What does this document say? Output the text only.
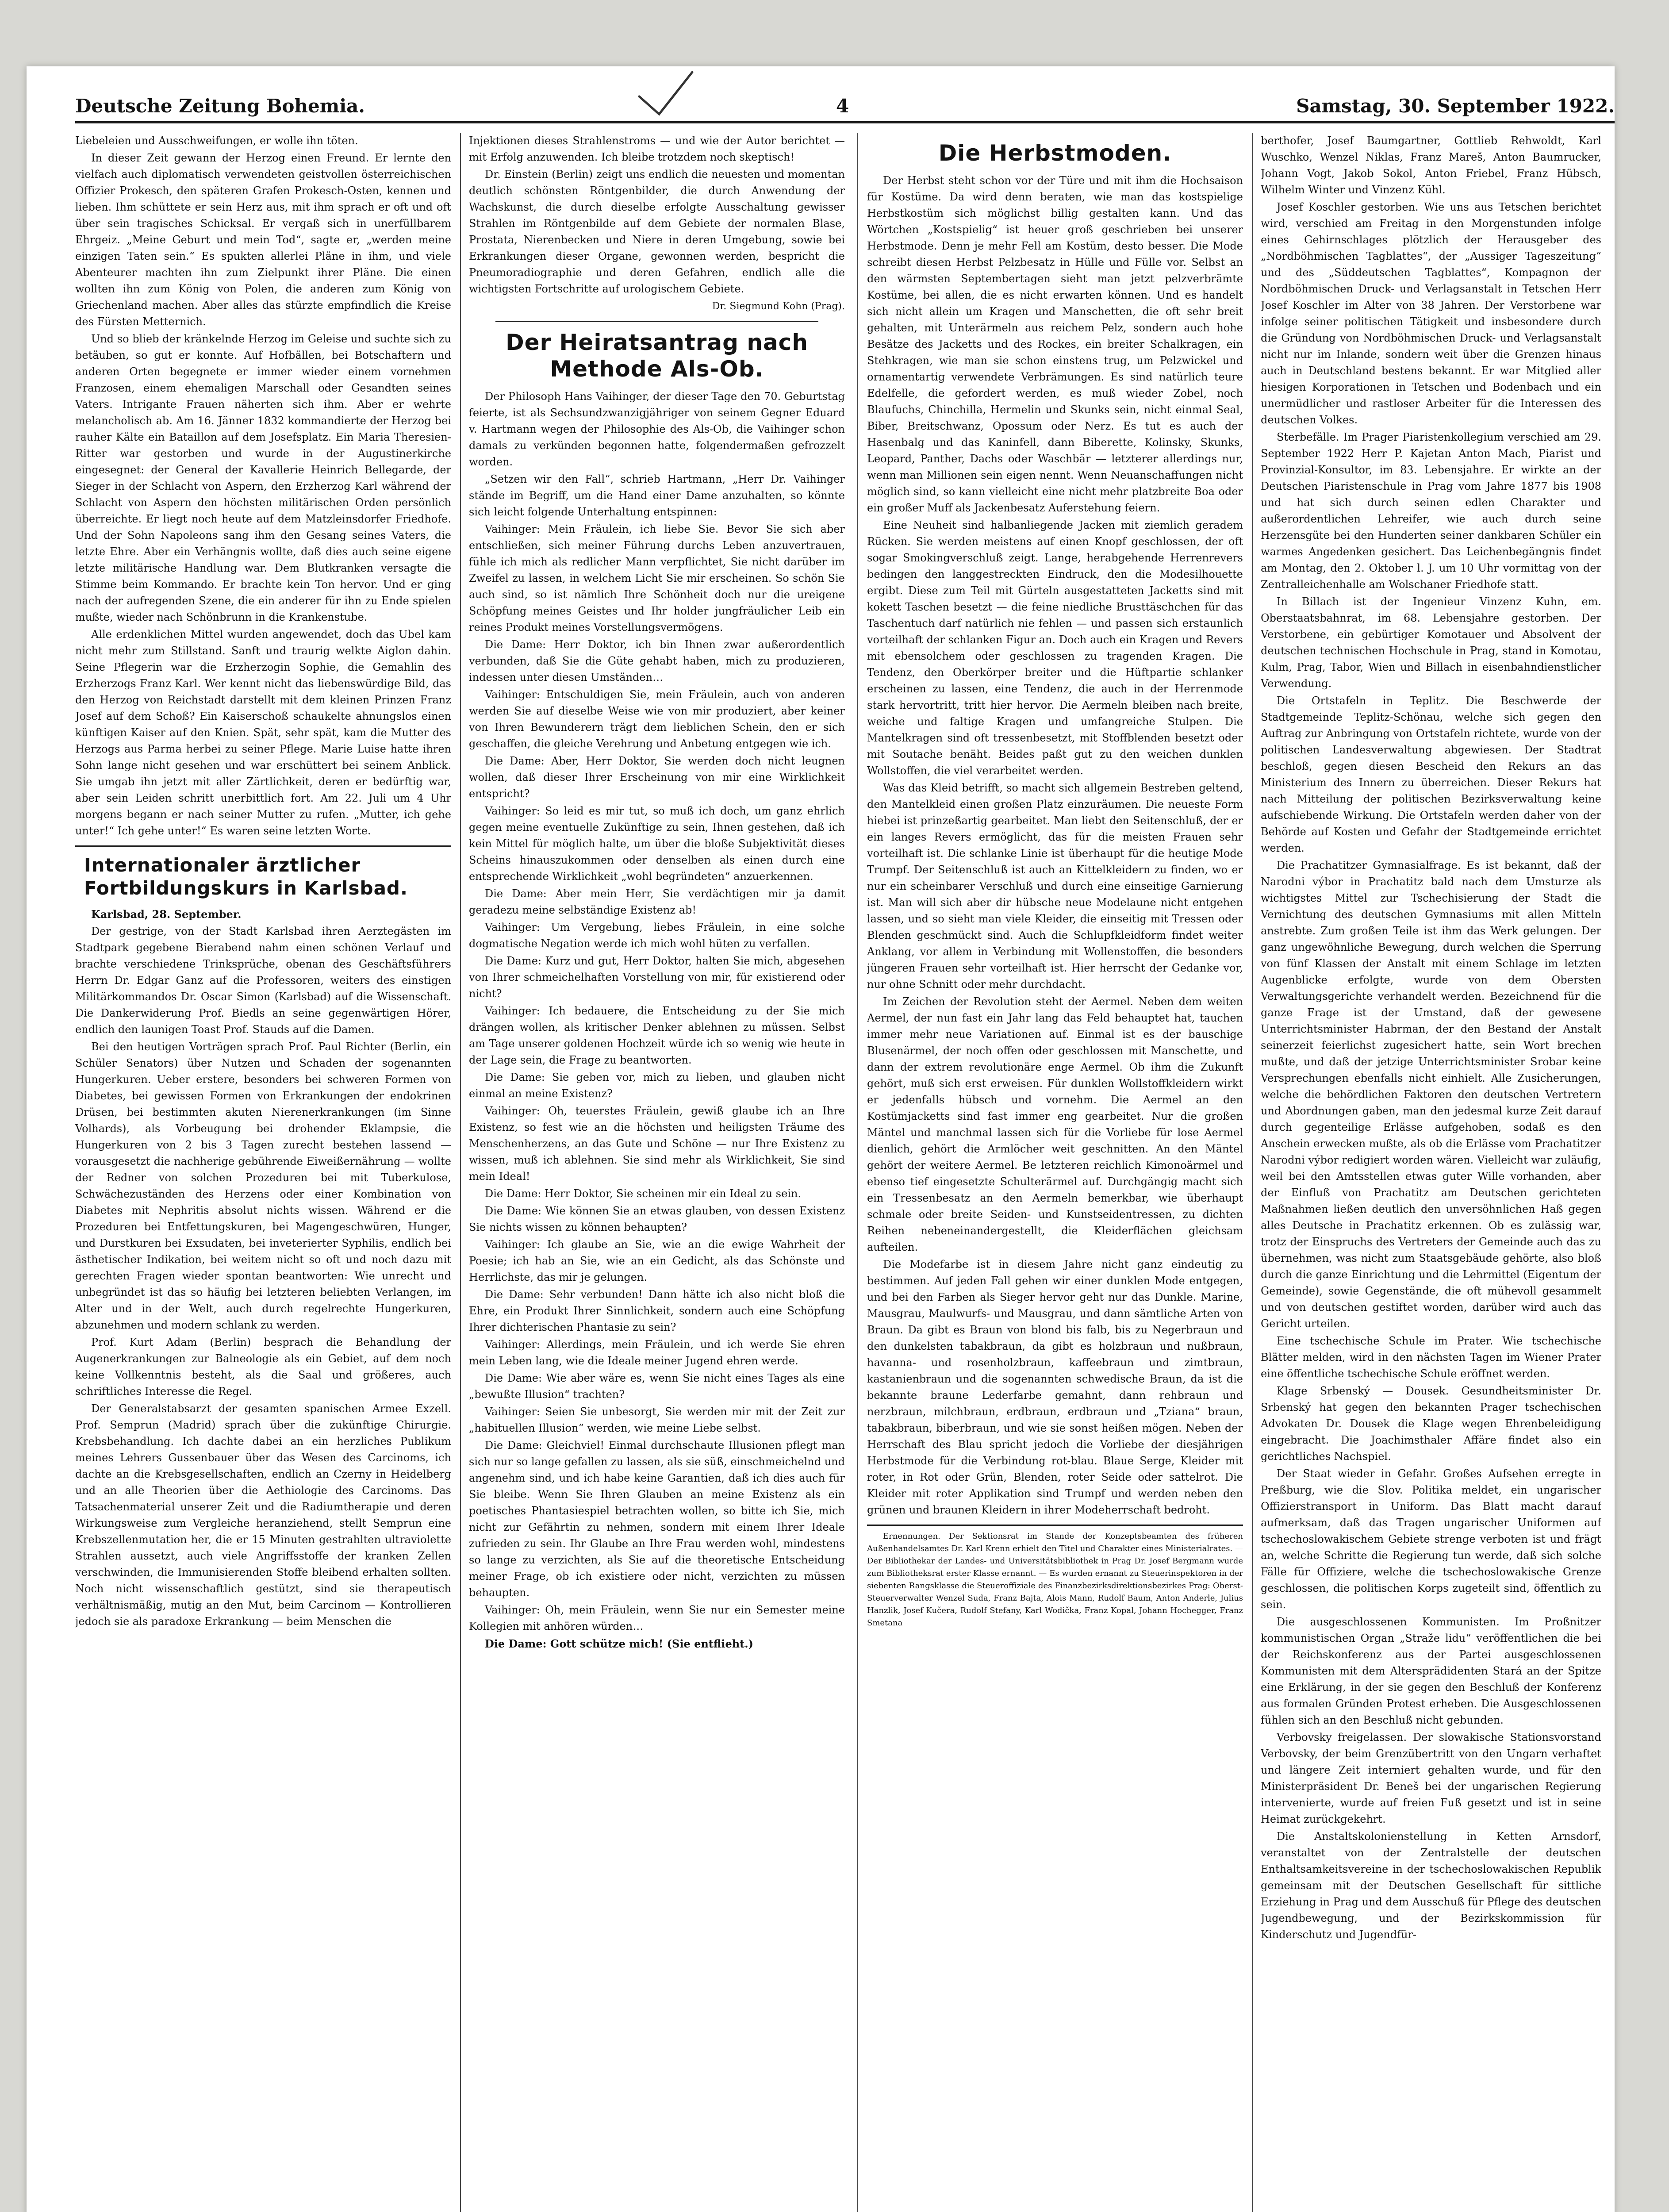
Deutsche Zeitung Bohemia.	4	Samstag, 30. September 1922.

Liebeleien und Ausschweifungen, er wolle ihn töten.

In dieser Zeit gewann der Herzog einen Freund. Er lernte den vielfach auch diplomatisch verwendeten geistvollen österreichischen Offizier Prokesch, den späteren Grafen Prokesch-Osten, kennen und lieben. Ihm schüttete er sein Herz aus, mit ihm sprach er oft und oft über sein tragisches Schicksal. Er vergaß sich in unerfüllbarem Ehrgeiz. „Meine Geburt und mein Tod“, sagte er, „werden meine einzigen Taten sein.“ Es spukten allerlei Pläne in ihm, und viele Abenteurer machten ihn zum Zielpunkt ihrer Pläne. Die einen wollten ihn zum König von Polen, die anderen zum König von Griechenland machen. Aber alles das stürzte empfindlich die Kreise des Fürsten Metternich.

Und so blieb der kränkelnde Herzog im Geleise und suchte sich zu betäuben, so gut er konnte. Auf Hofbällen, bei Botschaftern und anderen Orten begegnete er immer wieder einem vornehmen Franzosen, einem ehemaligen Marschall oder Gesandten seines Vaters. Intrigante Frauen näherten sich ihm. Aber er wehrte melancholisch ab. Am 16. Jänner 1832 kommandierte der Herzog bei rauher Kälte ein Bataillon auf dem Josefsplatz. Ein Maria Theresien-Ritter war gestorben und wurde in der Augustinerkirche eingesegnet: der General der Kavallerie Heinrich Bellegarde, der Sieger in der Schlacht von Aspern, den Erzherzog Karl während der Schlacht von Aspern den höchsten militärischen Orden persönlich überreichte. Er liegt noch heute auf dem Matzleinsdorfer Friedhofe. Und der Sohn Napoleons sang ihm den Gesang seines Vaters, die letzte Ehre. Aber ein Verhängnis wollte, daß dies auch seine eigene letzte militärische Handlung war. Dem Blutkranken versagte die Stimme beim Kommando. Er brachte kein Ton hervor. Und er ging nach der aufregenden Szene, die ein anderer für ihn zu Ende spielen mußte, wieder nach Schönbrunn in die Krankenstube.

Alle erdenklichen Mittel wurden angewendet, doch das Ubel kam nicht mehr zum Stillstand. Sanft und traurig welkte Aiglon dahin. Seine Pflegerin war die Erzherzogin Sophie, die Gemahlin des Erzherzogs Franz Karl. Wer kennt nicht das liebenswürdige Bild, das den Herzog von Reichstadt darstellt mit dem kleinen Prinzen Franz Josef auf dem Schoß? Ein Kaiserschoß schaukelte ahnungslos einen künftigen Kaiser auf den Knien. Spät, sehr spät, kam die Mutter des Herzogs aus Parma herbei zu seiner Pflege. Marie Luise hatte ihren Sohn lange nicht gesehen und war erschüttert bei seinem Anblick. Sie umgab ihn jetzt mit aller Zärtlichkeit, deren er bedürftig war, aber sein Leiden schritt unerbittlich fort. Am 22. Juli um 4 Uhr morgens begann er nach seiner Mutter zu rufen. „Mutter, ich gehe unter!“ Ich gehe unter!“ Es waren seine letzten Worte.

Internationaler ärztlicher Fortbildungskurs in Karlsbad.

Karlsbad, 28. September.

Der gestrige, von der Stadt Karlsbad ihren Aerztegästen im Stadtpark gegebene Bierabend nahm einen schönen Verlauf und brachte verschiedene Trinksprüche, obenan des Geschäftsführers Herrn Dr. Edgar Ganz auf die Professoren, weiters des einstigen Militärkommandos Dr. Oscar Simon (Karlsbad) auf die Wissenschaft. Die Dankerwiderung Prof. Biedls an seine gegenwärtigen Hörer, endlich den launigen Toast Prof. Stauds auf die Damen.

Bei den heutigen Vorträgen sprach Prof. Paul Richter (Berlin, ein Schüler Senators) über Nutzen und Schaden der sogenannten Hungerkuren. Ueber erstere, besonders bei schweren Formen von Diabetes, bei gewissen Formen von Erkrankungen der endokrinen Drüsen, bei bestimmten akuten Nierenerkrankungen (im Sinne Volhards), als Vorbeugung bei drohender Eklampsie, die Hungerkuren von 2 bis 3 Tagen zurecht bestehen lassend — vorausgesetzt die nachherige gebührende Eiweißernährung — wollte der Redner von solchen Prozeduren bei mit Tuberkulose, Schwächezuständen des Herzens oder einer Kombination von Diabetes mit Nephritis absolut nichts wissen. Während er die Prozeduren bei Entfettungskuren, bei Magengeschwüren, Hunger, und Durstkuren bei Exsudaten, bei inveterierter Syphilis, endlich bei ästhetischer Indikation, bei weitem nicht so oft und noch dazu mit gerechten Fragen wieder spontan beantworten: Wie unrecht und unbegründet ist das so häufig bei letzteren beliebten Verlangen, im Alter und in der Welt, auch durch regelrechte Hungerkuren, abzunehmen und modern schlank zu werden.

Prof. Kurt Adam (Berlin) besprach die Behandlung der Augenerkrankungen zur Balneologie als ein Gebiet, auf dem noch keine Vollkenntnis besteht, als die Saal und größeres, auch schriftliches Interesse die Regel.

Der Generalstabsarzt der gesamten spanischen Armee Exzell. Prof. Semprun (Madrid) sprach über die zukünftige Chirurgie. Krebsbehandlung. Ich dachte dabei an ein herzliches Publikum meines Lehrers Gussenbauer über das Wesen des Carcinoms, ich dachte an die Krebsgesellschaften, endlich an Czerny in Heidelberg und an alle Theorien über die Aethiologie des Carcinoms. Das Tatsachenmaterial unserer Zeit und die Radiumtherapie und deren Wirkungsweise zum Vergleiche heranziehend, stellt Semprun eine Krebszellenmutation her, die er 15 Minuten gestrahlten ultraviolette Strahlen aussetzt, auch viele Angriffsstoffe der kranken Zellen verschwinden, die Immunisierenden Stoffe bleibend erhalten sollten. Noch nicht wissenschaftlich gestützt, sind sie therapeutisch verhältnismäßig, mutig an den Mut, beim Carcinom — Kontrollieren jedoch sie als paradoxe Erkrankung — beim Menschen die

Injektionen dieses Strahlenstroms — und wie der Autor berichtet — mit Erfolg anzuwenden. Ich bleibe trotzdem noch skeptisch!

Dr. Einstein (Berlin) zeigt uns endlich die neuesten und momentan deutlich schönsten Röntgenbilder, die durch Anwendung der Wachskunst, die durch dieselbe erfolgte Ausschaltung gewisser Strahlen im Röntgenbilde auf dem Gebiete der normalen Blase, Prostata, Nierenbecken und Niere in deren Umgebung, sowie bei Erkrankungen dieser Organe, gewonnen werden, bespricht die Pneumoradiographie und deren Gefahren, endlich alle die wichtigsten Fortschritte auf urologischem Gebiete.

Dr. Siegmund Kohn (Prag).

Der Heiratsantrag nach Methode Als-Ob.

Der Philosoph Hans Vaihinger, der dieser Tage den 70. Geburtstag feierte, ist als Sechsundzwanzigjähriger von seinem Gegner Eduard v. Hartmann wegen der Philosophie des Als-Ob, die Vaihinger schon damals zu verkünden begonnen hatte, folgendermaßen gefrozzelt worden.

„Setzen wir den Fall“, schrieb Hartmann, „Herr Dr. Vaihinger stände im Begriff, um die Hand einer Dame anzuhalten, so könnte sich leicht folgende Unterhaltung entspinnen:

Vaihinger: Mein Fräulein, ich liebe Sie. Bevor Sie sich aber entschließen, sich meiner Führung durchs Leben anzuvertrauen, fühle ich mich als redlicher Mann verpflichtet, Sie nicht darüber im Zweifel zu lassen, in welchem Licht Sie mir erscheinen. So schön Sie auch sind, so ist nämlich Ihre Schönheit doch nur die ureigene Schöpfung meines Geistes und Ihr holder jungfräulicher Leib ein reines Produkt meines Vorstellungsvermögens.

Die Dame: Herr Doktor, ich bin Ihnen zwar außerordentlich verbunden, daß Sie die Güte gehabt haben, mich zu produzieren, indessen unter diesen Umständen…

Vaihinger: Entschuldigen Sie, mein Fräulein, auch von anderen werden Sie auf dieselbe Weise wie von mir produziert, aber keiner von Ihren Bewunderern trägt dem lieblichen Schein, den er sich geschaffen, die gleiche Verehrung und Anbetung entgegen wie ich.

Die Dame: Aber, Herr Doktor, Sie werden doch nicht leugnen wollen, daß dieser Ihrer Erscheinung von mir eine Wirklichkeit entspricht?

Vaihinger: So leid es mir tut, so muß ich doch, um ganz ehrlich gegen meine eventuelle Zukünftige zu sein, Ihnen gestehen, daß ich kein Mittel für möglich halte, um über die bloße Subjektivität dieses Scheins hinauszukommen oder denselben als einen durch eine entsprechende Wirklichkeit „wohl begründeten“ anzuerkennen.

Die Dame: Aber mein Herr, Sie verdächtigen mir ja damit geradezu meine selbständige Existenz ab!

Vaihinger: Um Vergebung, liebes Fräulein, in eine solche dogmatische Negation werde ich mich wohl hüten zu verfallen.

Die Dame: Kurz und gut, Herr Doktor, halten Sie mich, abgesehen von Ihrer schmeichelhaften Vorstellung von mir, für existierend oder nicht?

Vaihinger: Ich bedauere, die Entscheidung zu der Sie mich drängen wollen, als kritischer Denker ablehnen zu müssen. Selbst am Tage unserer goldenen Hochzeit würde ich so wenig wie heute in der Lage sein, die Frage zu beantworten.

Die Dame: Sie geben vor, mich zu lieben, und glauben nicht einmal an meine Existenz?

Vaihinger: Oh, teuerstes Fräulein, gewiß glaube ich an Ihre Existenz, so fest wie an die höchsten und heiligsten Träume des Menschenherzens, an das Gute und Schöne — nur Ihre Existenz zu wissen, muß ich ablehnen. Sie sind mehr als Wirklichkeit, Sie sind mein Ideal!

Die Dame: Herr Doktor, Sie scheinen mir ein Ideal zu sein.

Die Dame: Wie können Sie an etwas glauben, von dessen Existenz Sie nichts wissen zu können behaupten?

Vaihinger: Ich glaube an Sie, wie an die ewige Wahrheit der Poesie; ich hab an Sie, wie an ein Gedicht, als das Schönste und Herrlichste, das mir je gelungen.

Die Dame: Sehr verbunden! Dann hätte ich also nicht bloß die Ehre, ein Produkt Ihrer Sinnlichkeit, sondern auch eine Schöpfung Ihrer dichterischen Phantasie zu sein?

Vaihinger: Allerdings, mein Fräulein, und ich werde Sie ehren mein Leben lang, wie die Ideale meiner Jugend ehren werde.

Die Dame: Wie aber wäre es, wenn Sie nicht eines Tages als eine „bewußte Illusion“ trachten?

Vaihinger: Seien Sie unbesorgt, Sie werden mir mit der Zeit zur „habituellen Illusion“ werden, wie meine Liebe selbst.

Die Dame: Gleichviel! Einmal durchschaute Illusionen pflegt man sich nur so lange gefallen zu lassen, als sie süß, einschmeichelnd und angenehm sind, und ich habe keine Garantien, daß ich dies auch für Sie bleibe. Wenn Sie Ihren Glauben an meine Existenz als ein poetisches Phantasiespiel betrachten wollen, so bitte ich Sie, mich nicht zur Gefährtin zu nehmen, sondern mit einem Ihrer Ideale zufrieden zu sein. Ihr Glaube an Ihre Frau werden wohl, mindestens so lange zu verzichten, als Sie auf die theoretische Entscheidung meiner Frage, ob ich existiere oder nicht, verzichten zu müssen behaupten.

Vaihinger: Oh, mein Fräulein, wenn Sie nur ein Semester meine Kollegien mit anhören würden…

Die Dame: Gott schütze mich! (Sie entflieht.)

Die Herbstmoden.

Der Herbst steht schon vor der Türe und mit ihm die Hochsaison für Kostüme. Da wird denn beraten, wie man das kostspielige Herbstkostüm sich möglichst billig gestalten kann. Und das Wörtchen „Kostspielig“ ist heuer groß geschrieben bei unserer Herbstmode. Denn je mehr Fell am Kostüm, desto besser. Die Mode schreibt diesen Herbst Pelzbesatz in Hülle und Fülle vor. Selbst an den wärmsten Septembertagen sieht man jetzt pelzverbrämte Kostüme, bei allen, die es nicht erwarten können. Und es handelt sich nicht allein um Kragen und Manschetten, die oft sehr breit gehalten, mit Unterärmeln aus reichem Pelz, sondern auch hohe Besätze des Jacketts und des Rockes, ein breiter Schalkragen, ein Stehkragen, wie man sie schon einstens trug, um Pelzwickel und ornamentartig verwendete Verbrämungen. Es sind natürlich teure Edelfelle, die gefordert werden, es muß wieder Zobel, noch Blaufuchs, Chinchilla, Hermelin und Skunks sein, nicht einmal Seal, Biber, Breitschwanz, Opossum oder Nerz. Es tut es auch der Hasenbalg und das Kaninfell, dann Biberette, Kolinsky, Skunks, Leopard, Panther, Dachs oder Waschbär — letzterer allerdings nur, wenn man Millionen sein eigen nennt. Wenn Neuanschaffungen nicht möglich sind, so kann vielleicht eine nicht mehr platzbreite Boa oder ein großer Muff als Jackenbesatz Auferstehung feiern.

Eine Neuheit sind halbanliegende Jacken mit ziemlich geradem Rücken. Sie werden meistens auf einen Knopf geschlossen, der oft sogar Smokingverschluß zeigt. Lange, herabgehende Herrenrevers bedingen den langgestreckten Eindruck, den die Modesilhouette ergibt. Diese zum Teil mit Gürteln ausgestatteten Jacketts sind mit kokett Taschen besetzt — die feine niedliche Brusttäschchen für das Taschentuch darf natürlich nie fehlen — und passen sich erstaunlich vorteilhaft der schlanken Figur an. Doch auch ein Kragen und Revers mit ebensolchem oder geschlossen zu tragenden Kragen. Die Tendenz, den Oberkörper breiter und die Hüftpartie schlanker erscheinen zu lassen, eine Tendenz, die auch in der Herrenmode stark hervortritt, tritt hier hervor. Die Aermeln bleiben nach breite, weiche und faltige Kragen und umfangreiche Stulpen. Die Mantelkragen sind oft tressenbesetzt, mit Stoffblenden besetzt oder mit Soutache benäht. Beides paßt gut zu den weichen dunklen Wollstoffen, die viel verarbeitet werden.

Was das Kleid betrifft, so macht sich allgemein Bestreben geltend, den Mantelkleid einen großen Platz einzuräumen. Die neueste Form hiebei ist prinzeßartig gearbeitet. Man liebt den Seitenschluß, der er ein langes Revers ermöglicht, das für die meisten Frauen sehr vorteilhaft ist. Die schlanke Linie ist überhaupt für die heutige Mode Trumpf. Der Seitenschluß ist auch an Kittelkleidern zu finden, wo er nur ein scheinbarer Verschluß und durch eine einseitige Garnierung ist. Man will sich aber dir hübsche neue Modelaune nicht entgehen lassen, und so sieht man viele Kleider, die einseitig mit Tressen oder Blenden geschmückt sind. Auch die Schlupfkleidform findet weiter Anklang, vor allem in Verbindung mit Wollenstoffen, die besonders jüngeren Frauen sehr vorteilhaft ist. Hier herrscht der Gedanke vor, nur ohne Schnitt oder mehr durchdacht.

Im Zeichen der Revolution steht der Aermel. Neben dem weiten Aermel, der nun fast ein Jahr lang das Feld behauptet hat, tauchen immer mehr neue Variationen auf. Einmal ist es der bauschige Blusenärmel, der noch offen oder geschlossen mit Manschette, und dann der extrem revolutionäre enge Aermel. Ob ihm die Zukunft gehört, muß sich erst erweisen. Für dunklen Wollstoffkleidern wirkt er jedenfalls hübsch und vornehm. Die Aermel an den Kostümjacketts sind fast immer eng gearbeitet. Nur die großen Mäntel und manchmal lassen sich für die Vorliebe für lose Aermel dienlich, gehört die Armlöcher weit geschnitten. An den Mäntel gehört der weitere Aermel. Be letzteren reichlich Kimonoärmel und ebenso tief eingesetzte Schulterärmel auf. Durchgängig macht sich ein Tressenbesatz an den Aermeln bemerkbar, wie überhaupt schmale oder breite Seiden- und Kunstseidentressen, zu dichten Reihen nebeneinandergestellt, die Kleiderflächen gleichsam aufteilen.

Die Modefarbe ist in diesem Jahre nicht ganz eindeutig zu bestimmen. Auf jeden Fall gehen wir einer dunklen Mode entgegen, und bei den Farben als Sieger hervor geht nur das Dunkle. Marine, Mausgrau, Maulwurfs- und Mausgrau, und dann sämtliche Arten von Braun. Da gibt es Braun von blond bis falb, bis zu Negerbraun und den dunkelsten tabakbraun, da gibt es holzbraun und nußbraun, havanna- und rosenholzbraun, kaffeebraun und zimtbraun, kastanienbraun und die sogenannten schwedische Braun, da ist die bekannte braune Lederfarbe gemahnt, dann rehbraun und nerzbraun, milchbraun, erdbraun, erdbraun und „Tziana“ braun, tabakbraun, biberbraun, und wie sie sonst heißen mögen. Neben der Herrschaft des Blau spricht jedoch die Vorliebe der diesjährigen Herbstmode für die Verbindung rot-blau. Blaue Serge, Kleider mit roter, in Rot oder Grün, Blenden, roter Seide oder sattelrot. Die Kleider mit roter Applikation sind Trumpf und werden neben den grünen und braunen Kleidern in ihrer Modeherrschaft bedroht.

Ernennungen. Der Sektionsrat im Stande der Konzeptsbeamten des früheren Außenhandelsamtes Dr. Karl Krenn erhielt den Titel und Charakter eines Ministerialrates. — Der Bibliothekar der Landes- und Universitätsbibliothek in Prag Dr. Josef Bergmann wurde zum Bibliotheksrat erster Klasse ernannt. — Es wurden ernannt zu Steuerinspektoren in der siebenten Rangsklasse die Steueroffiziale des Finanzbezirksdirektionsbezirkes Prag: Oberst-Steuerverwalter Wenzel Suda, Franz Bajta, Alois Mann, Rudolf Baum, Anton Anderle, Julius Hanzlik, Josef Kučera, Rudolf Stefany, Karl Wodička, Franz Kopal, Johann Hochegger, Franz Smetana

berthofer, Josef Baumgartner, Gottlieb Rehwoldt, Karl Wuschko, Wenzel Niklas, Franz Mareš, Anton Baumrucker, Johann Vogt, Jakob Sokol, Anton Friebel, Franz Hübsch, Wilhelm Winter und Vinzenz Kühl.

Josef Koschler gestorben. Wie uns aus Tetschen berichtet wird, verschied am Freitag in den Morgenstunden infolge eines Gehirnschlages plötzlich der Herausgeber des „Nordböhmischen Tagblattes“, der „Aussiger Tageszeitung“ und des „Süddeutschen Tagblattes“, Kompagnon der Nordböhmischen Druck- und Verlagsanstalt in Tetschen Herr Josef Koschler im Alter von 38 Jahren. Der Verstorbene war infolge seiner politischen Tätigkeit und insbesondere durch die Gründung von Nordböhmischen Druck- und Verlagsanstalt nicht nur im Inlande, sondern weit über die Grenzen hinaus auch in Deutschland bestens bekannt. Er war Mitglied aller hiesigen Korporationen in Tetschen und Bodenbach und ein unermüdlicher und rastloser Arbeiter für die Interessen des deutschen Volkes.

Sterbefälle. Im Prager Piaristenkollegium verschied am 29. September 1922 Herr P. Kajetan Anton Mach, Piarist und Provinzial-Konsultor, im 83. Lebensjahre. Er wirkte an der Deutschen Piaristenschule in Prag vom Jahre 1877 bis 1908 und hat sich durch seinen edlen Charakter und außerordentlichen Lehreifer, wie auch durch seine Herzensgüte bei den Hunderten seiner dankbaren Schüler ein warmes Angedenken gesichert. Das Leichenbegängnis findet am Montag, den 2. Oktober l. J. um 10 Uhr vormittag von der Zentralleichenhalle am Wolschaner Friedhofe statt.

In Billach ist der Ingenieur Vinzenz Kuhn, em. Oberstaatsbahnrat, im 68. Lebensjahre gestorben. Der Verstorbene, ein gebürtiger Komotauer und Absolvent der deutschen technischen Hochschule in Prag, stand in Komotau, Kulm, Prag, Tabor, Wien und Billach in eisenbahndienstlicher Verwendung.

Die Ortstafeln in Teplitz. Die Beschwerde der Stadtgemeinde Teplitz-Schönau, welche sich gegen den Auftrag zur Anbringung von Ortstafeln richtete, wurde von der politischen Landesverwaltung abgewiesen. Der Stadtrat beschloß, gegen diesen Bescheid den Rekurs an das Ministerium des Innern zu überreichen. Dieser Rekurs hat nach Mitteilung der politischen Bezirksverwaltung keine aufschiebende Wirkung. Die Ortstafeln werden daher von der Behörde auf Kosten und Gefahr der Stadtgemeinde errichtet werden.

Die Prachatitzer Gymnasialfrage. Es ist bekannt, daß der Narodni výbor in Prachatitz bald nach dem Umsturze als wichtigstes Mittel zur Tschechisierung der Stadt die Vernichtung des deutschen Gymnasiums mit allen Mitteln anstrebte. Zum großen Teile ist ihm das Werk gelungen. Der ganz ungewöhnliche Bewegung, durch welchen die Sperrung von fünf Klassen der Anstalt mit einem Schlage im letzten Augenblicke erfolgte, wurde von dem Obersten Verwaltungsgerichte verhandelt werden. Bezeichnend für die ganze Frage ist der Umstand, daß der gewesene Unterrichtsminister Habrman, der den Bestand der Anstalt seinerzeit feierlichst zugesichert hatte, sein Wort brechen mußte, und daß der jetzige Unterrichtsminister Srobar keine Versprechungen ebenfalls nicht einhielt. Alle Zusicherungen, welche die behördlichen Faktoren den deutschen Vertretern und Abordnungen gaben, man den jedesmal kurze Zeit darauf durch gegenteilige Erlässe aufgehoben, sodaß es den Anschein erwecken mußte, als ob die Erlässe vom Prachatitzer Narodni výbor redigiert worden wären. Vielleicht war zuläufig, weil bei den Amtsstellen etwas guter Wille vorhanden, aber der Einfluß von Prachatitz am Deutschen gerichteten Maßnahmen ließen deutlich den unversöhnlichen Haß gegen alles Deutsche in Prachatitz erkennen. Ob es zulässig war, trotz der Einspruchs des Vertreters der Gemeinde auch das zu übernehmen, was nicht zum Staatsgebäude gehörte, also bloß durch die ganze Einrichtung und die Lehrmittel (Eigentum der Gemeinde), sowie Gegenstände, die oft mühevoll gesammelt und von deutschen gestiftet worden, darüber wird auch das Gericht urteilen.

Eine tschechische Schule im Prater. Wie tschechische Blätter melden, wird in den nächsten Tagen im Wiener Prater eine öffentliche tschechische Schule eröffnet werden.

Klage Srbenský — Dousek. Gesundheitsminister Dr. Srbenský hat gegen den bekannten Prager tschechischen Advokaten Dr. Dousek die Klage wegen Ehrenbeleidigung eingebracht. Die Joachimsthaler Affäre findet also ein gerichtliches Nachspiel.

Der Staat wieder in Gefahr. Großes Aufsehen erregte in Preßburg, wie die Slov. Politika meldet, ein ungarischer Offizierstransport in Uniform. Das Blatt macht darauf aufmerksam, daß das Tragen ungarischer Uniformen auf tschechoslowakischem Gebiete strenge verboten ist und frägt an, welche Schritte die Regierung tun werde, daß sich solche Fälle für Offiziere, welche die tschechoslowakische Grenze geschlossen, die politischen Korps zugeteilt sind, öffentlich zu sein.

Die ausgeschlossenen Kommunisten. Im Proßnitzer kommunistischen Organ „Straže lidu“ veröffentlichen die bei der Reichskonferenz aus der Partei ausgeschlossenen Kommunisten mit dem Altersprädidenten Stará an der Spitze eine Erklärung, in der sie gegen den Beschluß der Konferenz aus formalen Gründen Protest erheben. Die Ausgeschlossenen fühlen sich an den Beschluß nicht gebunden.

Verbovsky freigelassen. Der slowakische Stationsvorstand Verbovsky, der beim Grenzübertritt von den Ungarn verhaftet und längere Zeit interniert gehalten wurde, und für den Ministerpräsident Dr. Beneš bei der ungarischen Regierung intervenierte, wurde auf freien Fuß gesetzt und ist in seine Heimat zurückgekehrt.

Die Anstaltskolonienstellung in Ketten Arnsdorf, veranstaltet von der Zentralstelle der deutschen Enthaltsamkeitsvereine in der tschechoslowakischen Republik gemeinsam mit der Deutschen Gesellschaft für sittliche Erziehung in Prag und dem Ausschuß für Pflege des deutschen Jugendbewegung, und der Bezirkskommission für Kinderschutz und Jugendfür-
